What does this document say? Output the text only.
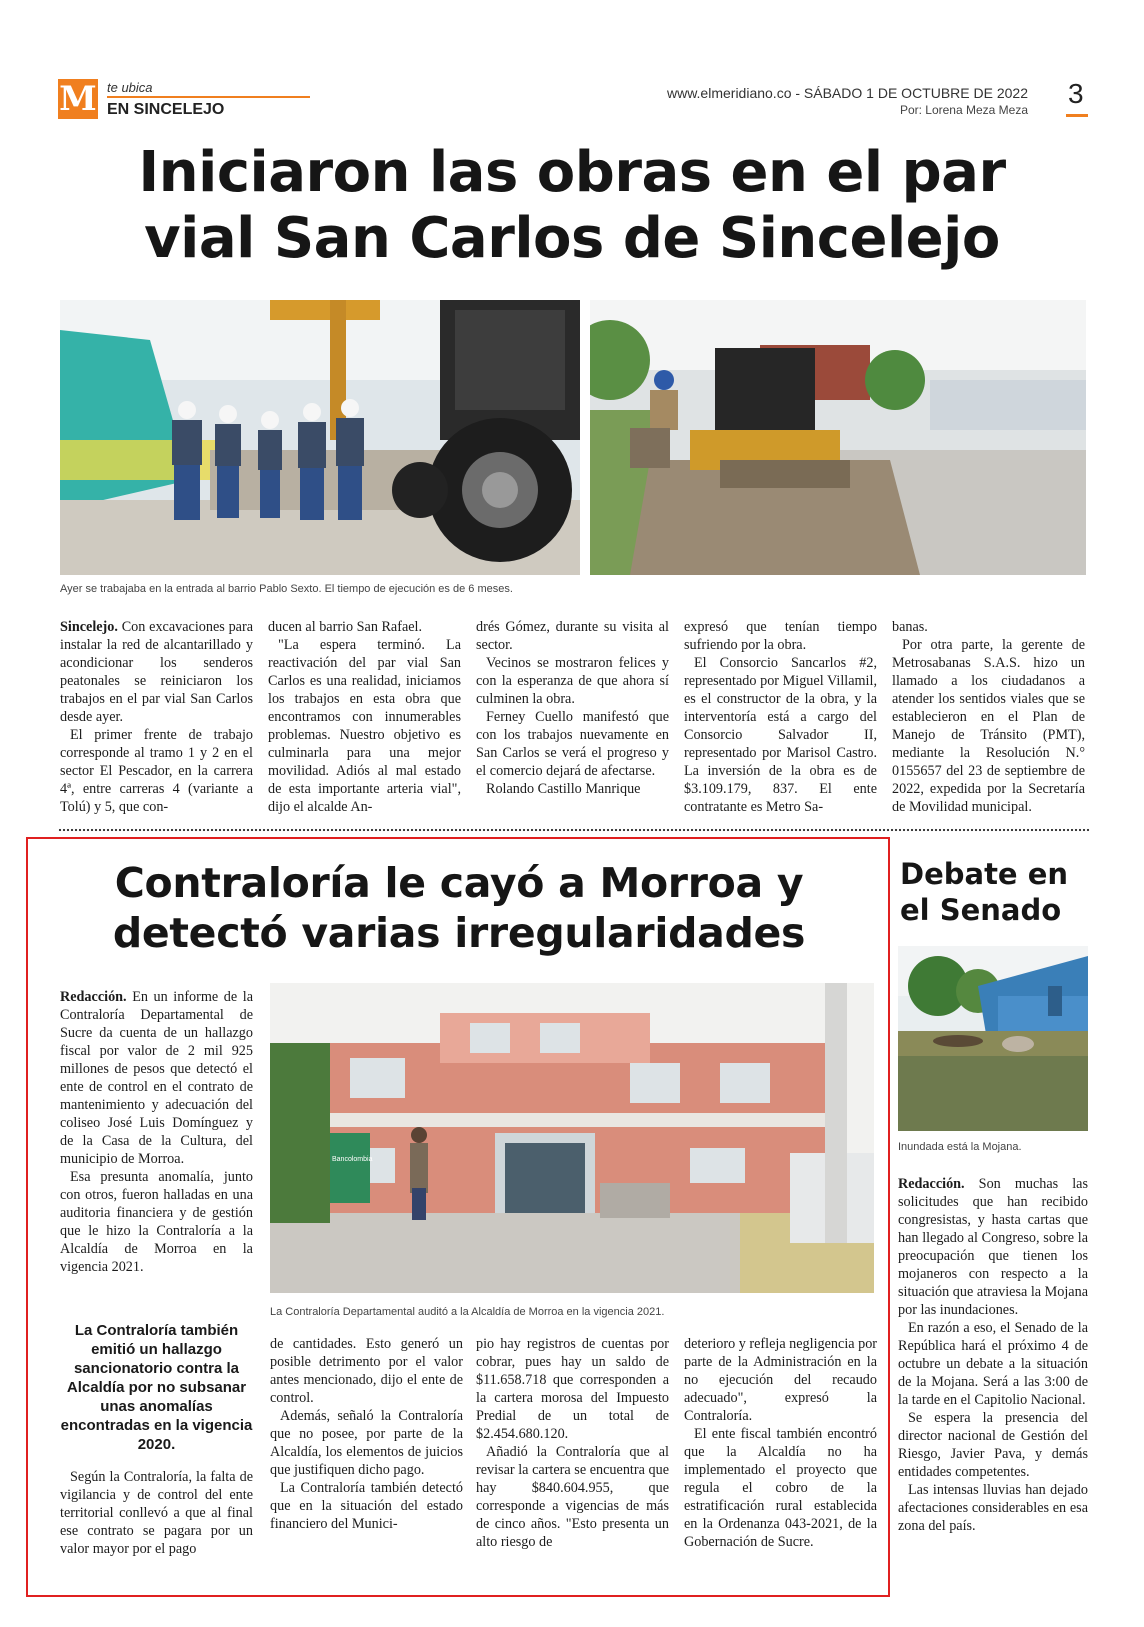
M te ubica
EN SINCELEJO
www.elmeridiano.co - SÁBADO 1 DE OCTUBRE DE 2022
Por: Lorena Meza Meza
3
Iniciaron las obras en el par
vial San Carlos de Sincelejo
Ayer se trabajaba en la entrada al barrio Pablo Sexto. El tiempo de ejecución es de 6 meses.

Sincelejo. Con excavaciones para instalar la red de alcantarillado y acondicionar los senderos peatonales se reiniciaron los trabajos en el par vial San Carlos desde ayer.

El primer frente de trabajo corresponde al tramo 1 y 2 en el sector El Pescador, en la carrera 4ª, entre carreras 4 (variante a Tolú) y 5, que con-

ducen al barrio San Rafael.

"La espera terminó. La reactivación del par vial San Carlos es una realidad, iniciamos los trabajos en esta obra que encontramos con innumerables problemas. Nuestro objetivo es culminarla para una mejor movilidad. Adiós al mal estado de esta importante arteria vial", dijo el alcalde An-

drés Gómez, durante su visita al sector.

Vecinos se mostraron felices y con la esperanza de que ahora sí culminen la obra.

Ferney Cuello manifestó que con los trabajos nuevamente en San Carlos se verá el progreso y el comercio dejará de afectarse.

Rolando Castillo Manrique

expresó que tenían tiempo sufriendo por la obra.

El Consorcio Sancarlos #2, representado por Miguel Villamil, es el constructor de la obra, y la interventoría está a cargo del Consorcio Salvador II, representado por Marisol Castro. La inversión de la obra es de $3.109.179, 837. El ente contratante es Metro Sa-

banas.

Por otra parte, la gerente de Metrosabanas S.A.S. hizo un llamado a los ciudadanos a atender los sentidos viales que se establecieron en el Plan de Manejo de Tránsito (PMT), mediante la Resolución N.° 0155657 del 23 de septiembre de 2022, expedida por la Secretaría de Movilidad municipal.

Contraloría le cayó a Morroa y
detectó varias irregularidades
Bancolombia
La Contraloría Departamental auditó a la Alcaldía de Morroa en la vigencia 2021.

Redacción. En un informe de la Contraloría Departamental de Sucre da cuenta de un hallazgo fiscal por valor de 2 mil 925 millones de pesos que detectó el ente de control en el contrato de mantenimiento y adecuación del coliseo José Luis Domínguez y de la Casa de la Cultura, del municipio de Morroa.

Esa presunta anomalía, junto con otros, fueron halladas en una auditoria financiera y de gestión que le hizo la Contraloría a la Alcaldía de Morroa en la vigencia 2021.

La Contraloría también emitió un hallazgo sancionatorio contra la Alcaldía por no subsanar unas anomalías encontradas en la vigencia 2020.

Según la Contraloría, la falta de vigilancia y de control del ente territorial conllevó a que al final ese contrato se pagara por un valor mayor por el pago

de cantidades. Esto generó un posible detrimento por el valor antes mencionado, dijo el ente de control.

Además, señaló la Contraloría que no posee, por parte de la Alcaldía, los elementos de juicios que justifiquen dicho pago.

La Contraloría también detectó que en la situación del estado financiero del Munici-

pio hay registros de cuentas por cobrar, pues hay un saldo de $11.658.718 que corresponden a la cartera morosa del Impuesto Predial de un total de $2.454.680.120.

Añadió la Contraloría que al revisar la cartera se encuentra que hay $840.604.955, que corresponde a vigencias de más de cinco años. "Esto presenta un alto riesgo de

deterioro y refleja negligencia por parte de la Administración en la no ejecución del recaudo adecuado", expresó la Contraloría.

El ente fiscal también encontró que la Alcaldía no ha implementado el proyecto que regula el cobro de la estratificación rural establecida en la Ordenanza 043-2021, de la Gobernación de Sucre.

Debate en
el Senado
Inundada está la Mojana.

Redacción. Son muchas las solicitudes que han recibido congresistas, y hasta cartas que han llegado al Congreso, sobre la preocupación que tienen los mojaneros con respecto a la situación que atraviesa la Mojana por las inundaciones.

En razón a eso, el Senado de la República hará el próximo 4 de octubre un debate a la situación de la Mojana. Será a las 3:00 de la tarde en el Capitolio Nacional.

Se espera la presencia del director nacional de Gestión del Riesgo, Javier Pava, y demás entidades competentes.

Las intensas lluvias han dejado afectaciones considerables en esa zona del país.
